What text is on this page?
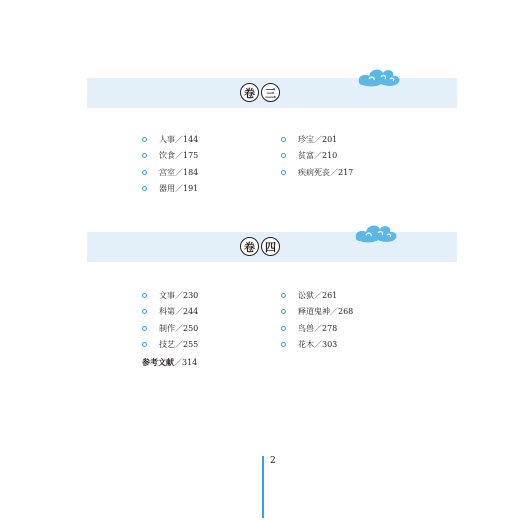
卷 三
人事／144
饮食／175
宫室／184
器用／191
珍宝／201
贫富／210
疾病死丧／217
卷 四
文事／230
科第／244
制作／250
技艺／255
讼狱／261
释道鬼神／268
鸟兽／278
花木／303
参考文献／314
2
